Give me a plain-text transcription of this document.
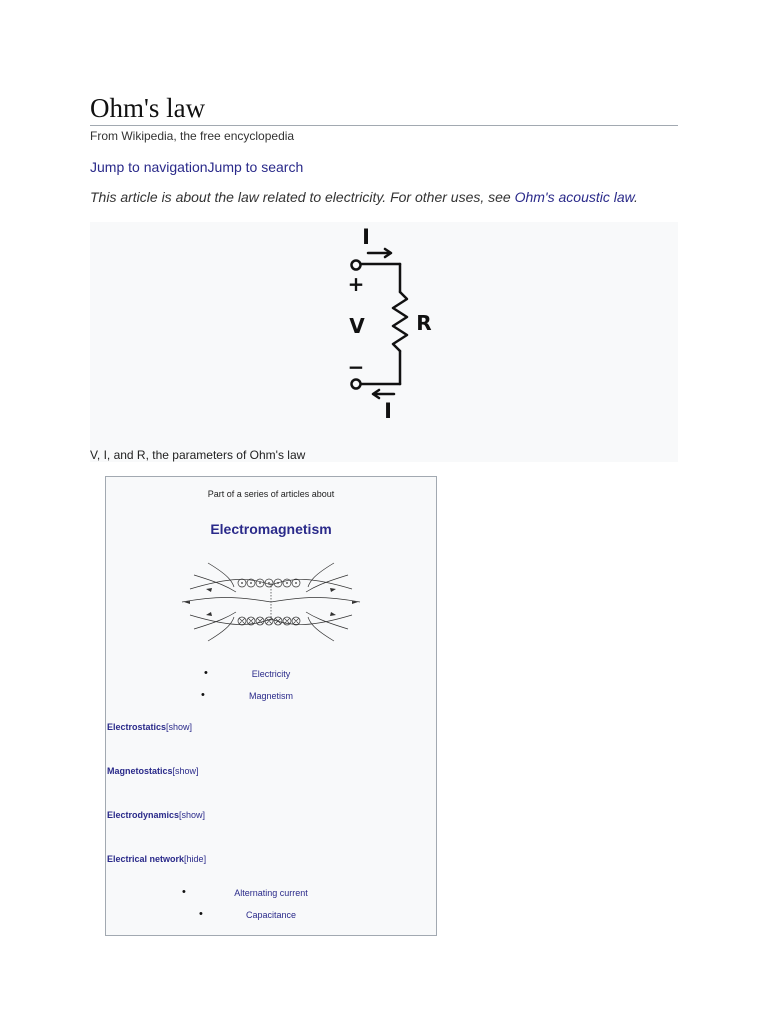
Ohm's law
From Wikipedia, the free encyclopedia
Jump to navigationJump to search
This article is about the law related to electricity. For other uses, see Ohm's acoustic law.
I
+
V	R
−
I
V, I, and R, the parameters of Ohm's law
Part of a series of articles about
Electromagnetism
•	Electricity
•	Magnetism
Electrostatics[show]
Magnetostatics[show]
Electrodynamics[show]
Electrical network[hide]
•	Alternating current
•	Capacitance
